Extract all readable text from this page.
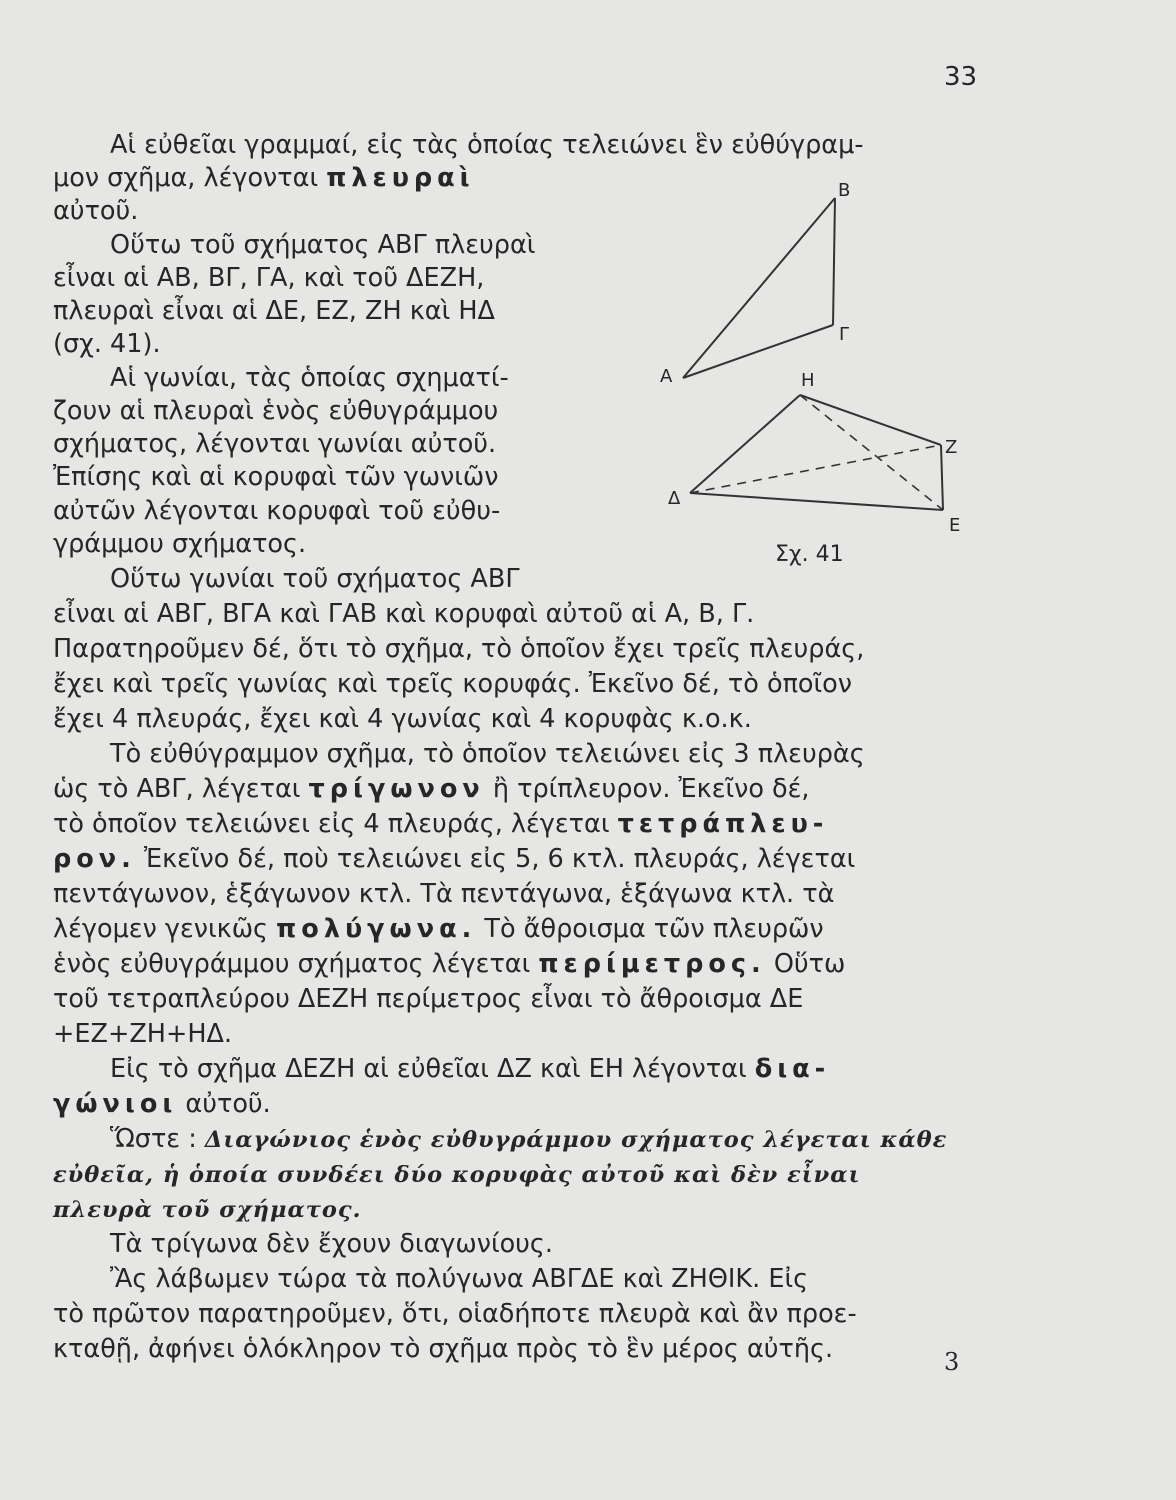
33
Β
Γ
Α	Η
Ζ
Δ
Ε
Σχ. 41
Αἱ εὐθεῖαι γραμμαί, εἰς τὰς ὁποίας τελειώνει ἓν εὐθύγραμ-
μον σχῆμα, λέγονται πλευραὶ
αὐτοῦ.
Οὕτω τοῦ σχήματος ΑΒΓ πλευραὶ
εἶναι αἱ ΑΒ, ΒΓ, ΓΑ, καὶ τοῦ ΔΕΖΗ,
πλευραὶ εἶναι αἱ ΔΕ, ΕΖ, ΖΗ καὶ ΗΔ
(σχ. 41).
Αἱ γωνίαι, τὰς ὁποίας σχηματί-
ζουν αἱ πλευραὶ ἑνὸς εὐθυγράμμου
σχήματος, λέγονται γωνίαι αὐτοῦ.
Ἐπίσης καὶ αἱ κορυφαὶ τῶν γωνιῶν
αὐτῶν λέγονται κορυφαὶ τοῦ εὐθυ-
γράμμου σχήματος.
Οὕτω γωνίαι τοῦ σχήματος ΑΒΓ
εἶναι αἱ ΑΒΓ, ΒΓΑ καὶ ΓΑΒ καὶ κορυφαὶ αὐτοῦ αἱ Α, Β, Γ.
Παρατηροῦμεν δέ, ὅτι τὸ σχῆμα, τὸ ὁποῖον ἔχει τρεῖς πλευράς,
ἔχει καὶ τρεῖς γωνίας καὶ τρεῖς κορυφάς. Ἐκεῖνο δέ, τὸ ὁποῖον
ἔχει 4 πλευράς, ἔχει καὶ 4 γωνίας καὶ 4 κορυφὰς κ.ο.κ.
Τὸ εὐθύγραμμον σχῆμα, τὸ ὁποῖον τελειώνει εἰς 3 πλευρὰς
ὡς τὸ ΑΒΓ, λέγεται τρίγωνον ἢ τρίπλευρον. Ἐκεῖνο δέ,
τὸ ὁποῖον τελειώνει εἰς 4 πλευράς, λέγεται τετράπλευ-
ρον. Ἐκεῖνο δέ, ποὺ τελειώνει εἰς 5, 6 κτλ. πλευράς, λέγεται
πεντάγωνον, ἑξάγωνον κτλ. Τὰ πεντάγωνα, ἑξάγωνα κτλ. τὰ
λέγομεν γενικῶς πολύγωνα. Τὸ ἄθροισμα τῶν πλευρῶν
ἑνὸς εὐθυγράμμου σχήματος λέγεται περίμετρος. Οὕτω
τοῦ τετραπλεύρου ΔΕΖΗ περίμετρος εἶναι τὸ ἄθροισμα ΔΕ
+ΕΖ+ΖΗ+ΗΔ.
Εἰς τὸ σχῆμα ΔΕΖΗ αἱ εὐθεῖαι ΔΖ καὶ ΕΗ λέγονται δια-
γώνιοι αὐτοῦ.
Ὥστε : Διαγώνιος ἑνὸς εὐθυγράμμου σχήματος λέγεται κάθε
εὐθεῖα, ἡ ὁποία συνδέει δύο κορυφὰς αὐτοῦ καὶ δὲν εἶναι
πλευρὰ τοῦ σχήματος.
Τὰ τρίγωνα δὲν ἔχουν διαγωνίους.
Ἂς λάβωμεν τώρα τὰ πολύγωνα ΑΒΓΔΕ καὶ ΖΗΘΙΚ. Εἰς
τὸ πρῶτον παρατηροῦμεν, ὅτι, οἱαδήποτε πλευρὰ καὶ ἂν προε-
κταθῇ, ἀφήνει ὁλόκληρον τὸ σχῆμα πρὸς τὸ ἓν μέρος αὐτῆς.	3
